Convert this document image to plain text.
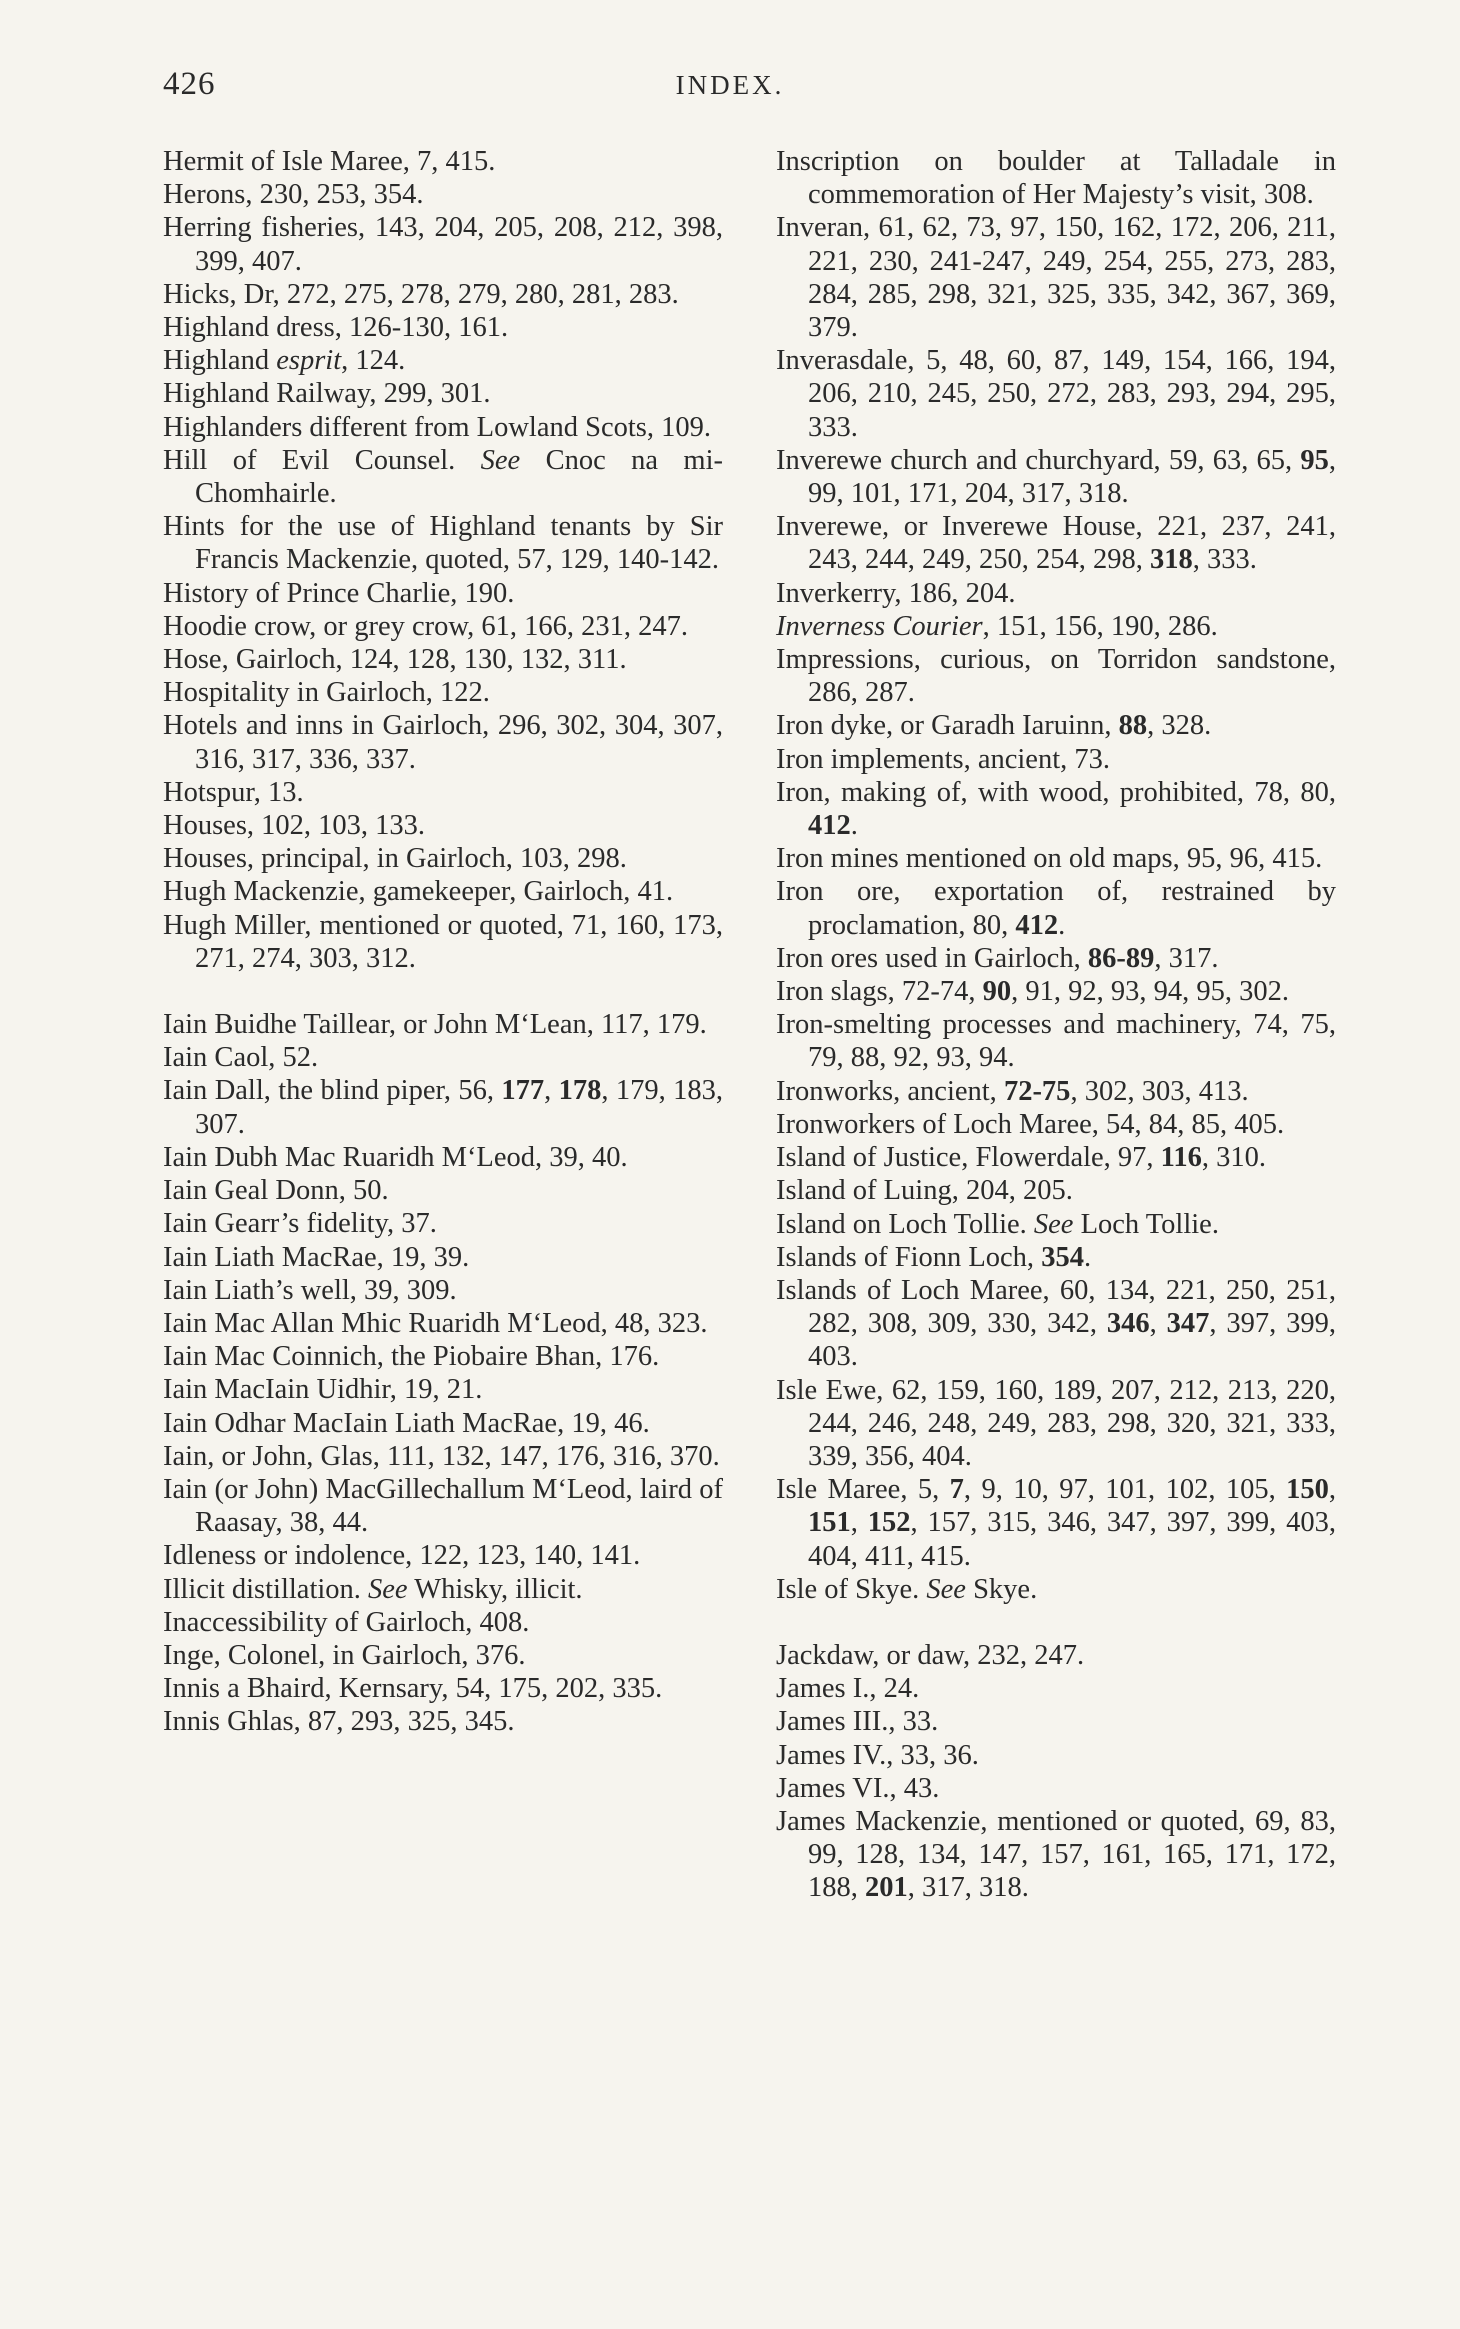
426	INDEX.
Hermit of Isle Maree, 7, 415.
Herons, 230, 253, 354.
Herring fisheries, 143, 204, 205, 208, 212, 398, 399, 407.
Hicks, Dr, 272, 275, 278, 279, 280, 281, 283.
Highland dress, 126-130, 161.
Highland esprit, 124.
Highland Railway, 299, 301.
Highlanders different from Lowland Scots, 109.
Hill of Evil Counsel. See Cnoc na mi-Chomhairle.
Hints for the use of Highland tenants by Sir Francis Mackenzie, quoted, 57, 129, 140-142.
History of Prince Charlie, 190.
Hoodie crow, or grey crow, 61, 166, 231, 247.
Hose, Gairloch, 124, 128, 130, 132, 311.
Hospitality in Gairloch, 122.
Hotels and inns in Gairloch, 296, 302, 304, 307, 316, 317, 336, 337.
Hotspur, 13.
Houses, 102, 103, 133.
Houses, principal, in Gairloch, 103, 298.
Hugh Mackenzie, gamekeeper, Gairloch, 41.
Hugh Miller, mentioned or quoted, 71, 160, 173, 271, 274, 303, 312.
Iain Buidhe Taillear, or John M‘Lean, 117, 179.
Iain Caol, 52.
Iain Dall, the blind piper, 56, 177, 178, 179, 183, 307.
Iain Dubh Mac Ruaridh M‘Leod, 39, 40.
Iain Geal Donn, 50.
Iain Gearr’s fidelity, 37.
Iain Liath MacRae, 19, 39.
Iain Liath’s well, 39, 309.
Iain Mac Allan Mhic Ruaridh M‘Leod, 48, 323.
Iain Mac Coinnich, the Piobaire Bhan, 176.
Iain MacIain Uidhir, 19, 21.
Iain Odhar MacIain Liath MacRae, 19, 46.
Iain, or John, Glas, 111, 132, 147, 176, 316, 370.
Iain (or John) MacGillechallum M‘Leod, laird of Raasay, 38, 44.
Idleness or indolence, 122, 123, 140, 141.
Illicit distillation. See Whisky, illicit.
Inaccessibility of Gairloch, 408.
Inge, Colonel, in Gairloch, 376.
Innis a Bhaird, Kernsary, 54, 175, 202, 335.
Innis Ghlas, 87, 293, 325, 345.
Inscription on boulder at Talladale in commemoration of Her Majesty’s visit, 308.
Inveran, 61, 62, 73, 97, 150, 162, 172, 206, 211, 221, 230, 241-247, 249, 254, 255, 273, 283, 284, 285, 298, 321, 325, 335, 342, 367, 369, 379.
Inverasdale, 5, 48, 60, 87, 149, 154, 166, 194, 206, 210, 245, 250, 272, 283, 293, 294, 295, 333.
Inverewe church and churchyard, 59, 63, 65, 95, 99, 101, 171, 204, 317, 318.
Inverewe, or Inverewe House, 221, 237, 241, 243, 244, 249, 250, 254, 298, 318, 333.
Inverkerry, 186, 204.
Inverness Courier, 151, 156, 190, 286.
Impressions, curious, on Torridon sandstone, 286, 287.
Iron dyke, or Garadh Iaruinn, 88, 328.
Iron implements, ancient, 73.
Iron, making of, with wood, prohibited, 78, 80, 412.
Iron mines mentioned on old maps, 95, 96, 415.
Iron ore, exportation of, restrained by proclamation, 80, 412.
Iron ores used in Gairloch, 86-89, 317.
Iron slags, 72-74, 90, 91, 92, 93, 94, 95, 302.
Iron-smelting processes and machinery, 74, 75, 79, 88, 92, 93, 94.
Ironworks, ancient, 72-75, 302, 303, 413.
Ironworkers of Loch Maree, 54, 84, 85, 405.
Island of Justice, Flowerdale, 97, 116, 310.
Island of Luing, 204, 205.
Island on Loch Tollie. See Loch Tollie.
Islands of Fionn Loch, 354.
Islands of Loch Maree, 60, 134, 221, 250, 251, 282, 308, 309, 330, 342, 346, 347, 397, 399, 403.
Isle Ewe, 62, 159, 160, 189, 207, 212, 213, 220, 244, 246, 248, 249, 283, 298, 320, 321, 333, 339, 356, 404.
Isle Maree, 5, 7, 9, 10, 97, 101, 102, 105, 150, 151, 152, 157, 315, 346, 347, 397, 399, 403, 404, 411, 415.
Isle of Skye. See Skye.
Jackdaw, or daw, 232, 247.
James I., 24.
James III., 33.
James IV., 33, 36.
James VI., 43.
James Mackenzie, mentioned or quoted, 69, 83, 99, 128, 134, 147, 157, 161, 165, 171, 172, 188, 201, 317, 318.
